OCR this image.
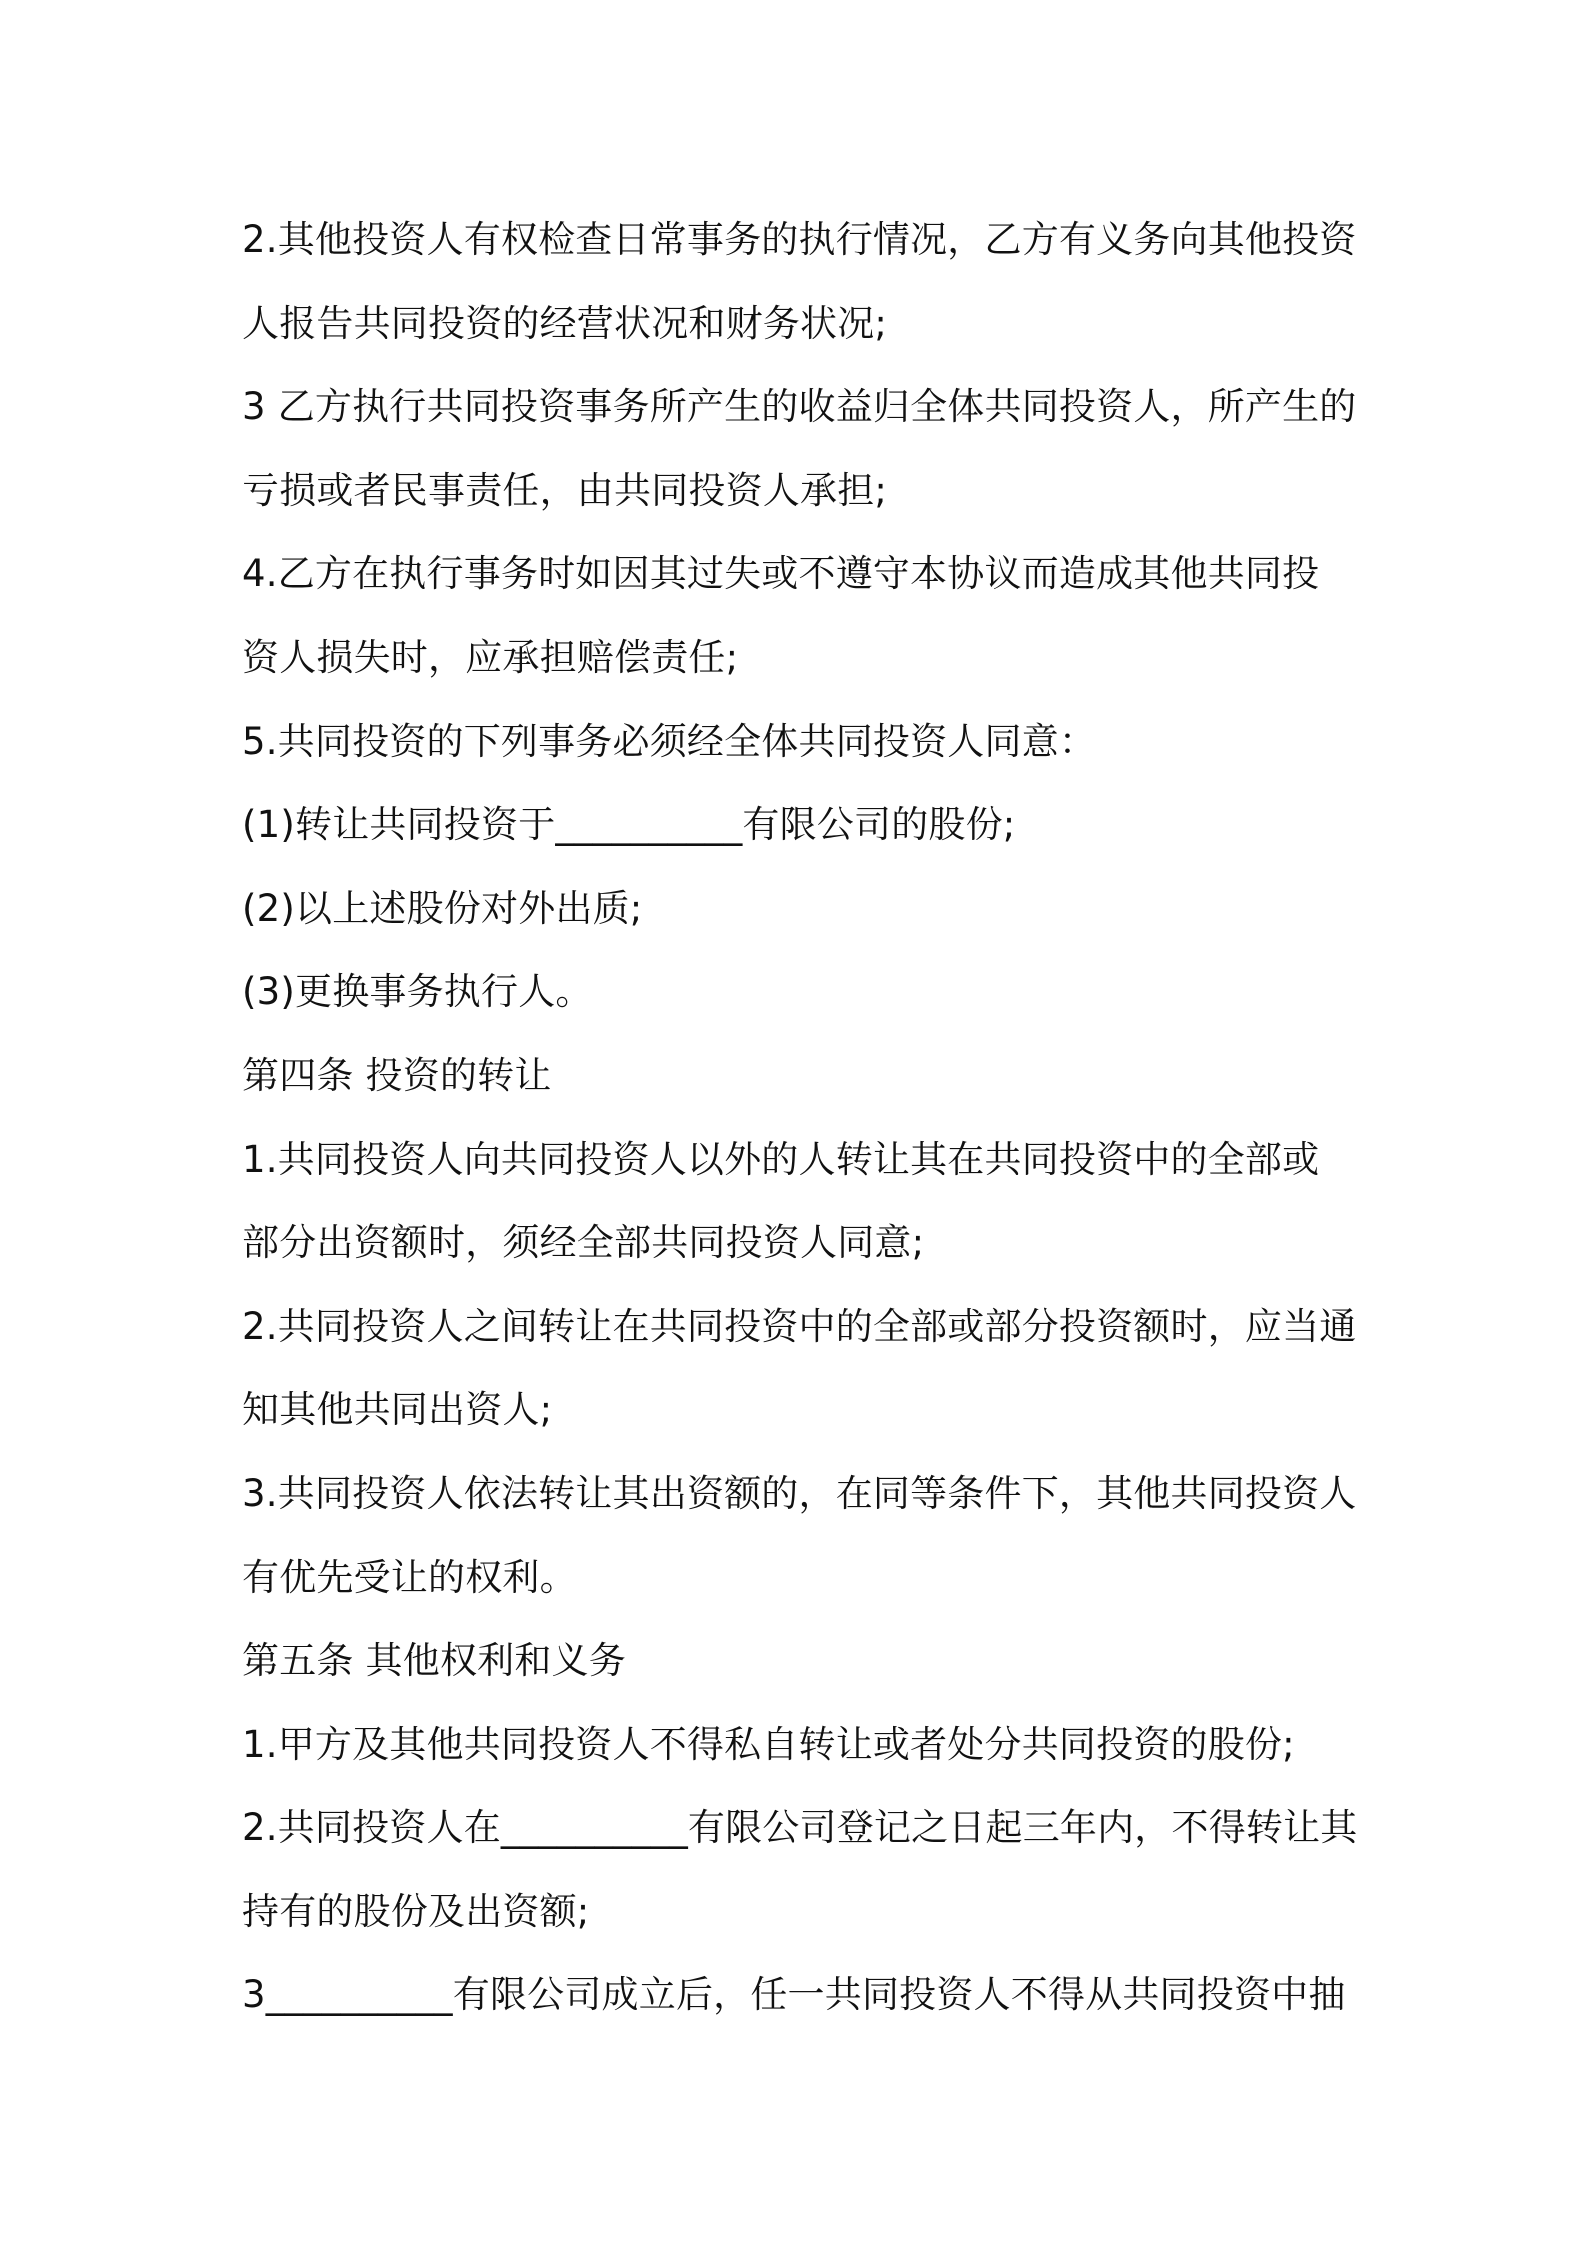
2.其他投资人有权检查日常事务的执行情况，乙方有义务向其他投资
人报告共同投资的经营状况和财务状况;
3 乙方执行共同投资事务所产生的收益归全体共同投资人，所产生的
亏损或者民事责任，由共同投资人承担;
4.乙方在执行事务时如因其过失或不遵守本协议而造成其他共同投
资人损失时，应承担赔偿责任;
5.共同投资的下列事务必须经全体共同投资人同意：
(1)转让共同投资于__________有限公司的股份;
(2)以上述股份对外出质;
(3)更换事务执行人。
第四条 投资的转让
1.共同投资人向共同投资人以外的人转让其在共同投资中的全部或
部分出资额时，须经全部共同投资人同意;
2.共同投资人之间转让在共同投资中的全部或部分投资额时，应当通
知其他共同出资人;
3.共同投资人依法转让其出资额的，在同等条件下，其他共同投资人
有优先受让的权利。
第五条 其他权利和义务
1.甲方及其他共同投资人不得私自转让或者处分共同投资的股份;
2.共同投资人在__________有限公司登记之日起三年内，不得转让其
持有的股份及出资额;
3__________有限公司成立后，任一共同投资人不得从共同投资中抽
